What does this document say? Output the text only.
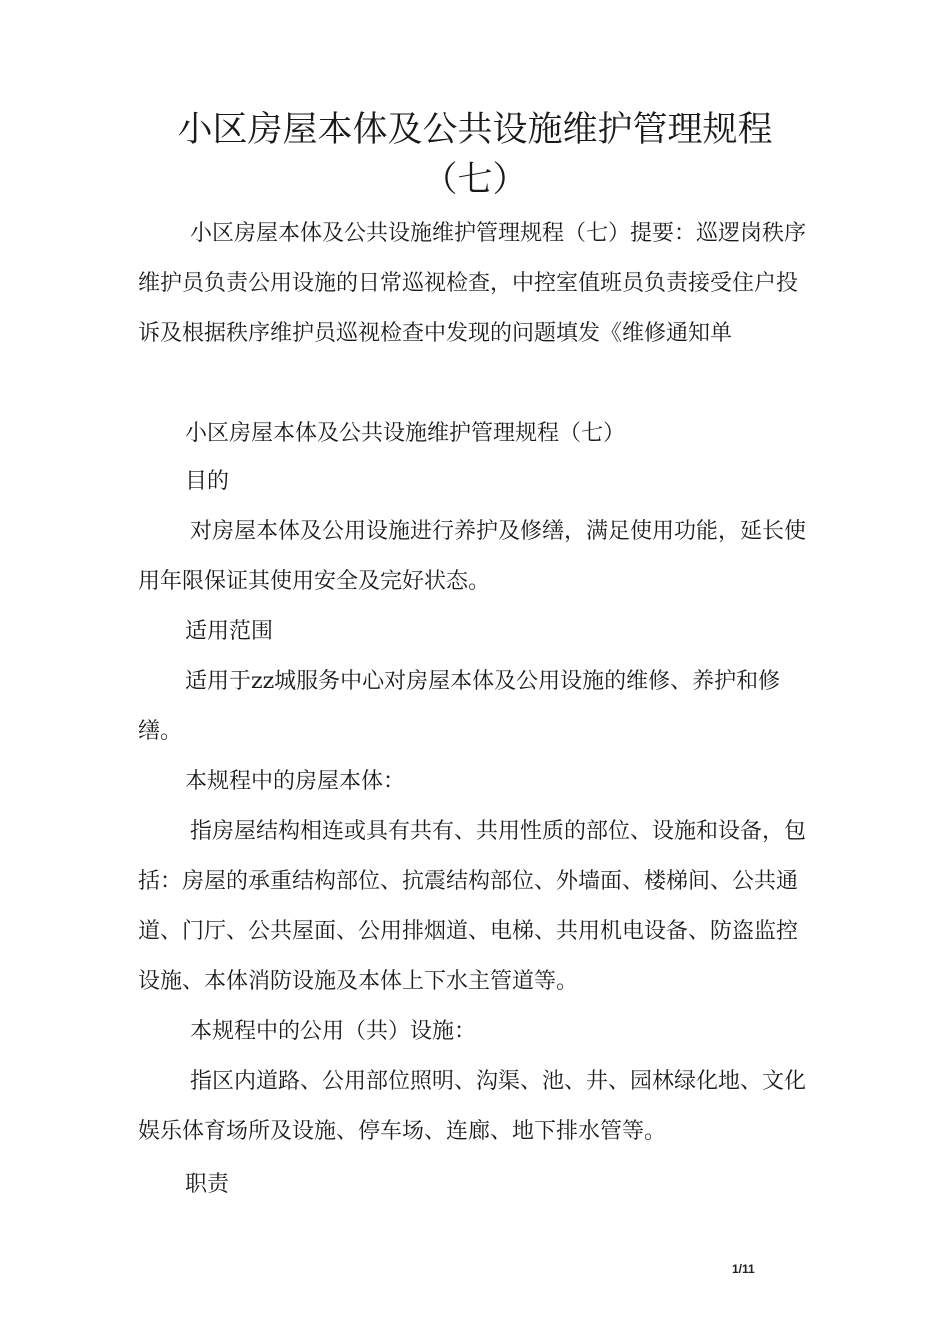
小区房屋本体及公共设施维护管理规程
（七）

小区房屋本体及公共设施维护管理规程（七）提要：巡逻岗秩序

维护员负责公用设施的日常巡视检查，中控室值班员负责接受住户投

诉及根据秩序维护员巡视检查中发现的问题填发《维修通知单

小区房屋本体及公共设施维护管理规程（七）

目的

对房屋本体及公用设施进行养护及修缮，满足使用功能，延长使

用年限保证其使用安全及完好状态。

适用范围

适用于zz城服务中心对房屋本体及公用设施的维修、养护和修

缮。

本规程中的房屋本体：

指房屋结构相连或具有共有、共用性质的部位、设施和设备，包

括：房屋的承重结构部位、抗震结构部位、外墙面、楼梯间、公共通

道、门厅、公共屋面、公用排烟道、电梯、共用机电设备、防盗监控

设施、本体消防设施及本体上下水主管道等。

本规程中的公用（共）设施：

指区内道路、公用部位照明、沟渠、池、井、园林绿化地、文化

娱乐体育场所及设施、停车场、连廊、地下排水管等。

职责

1/11
